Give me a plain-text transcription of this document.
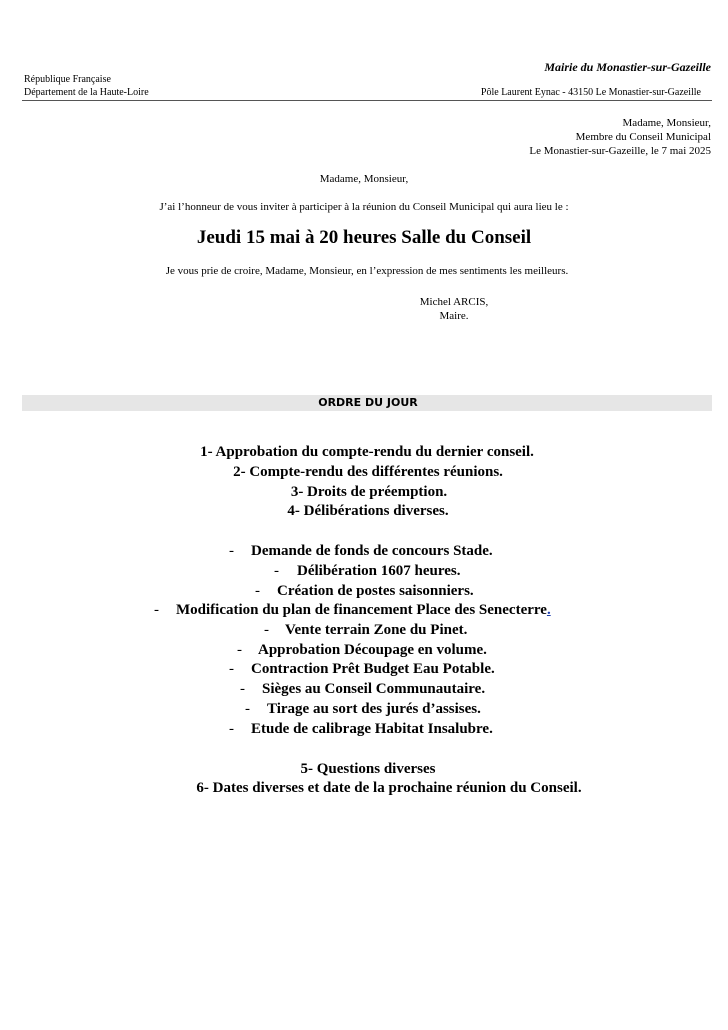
Mairie du Monastier-sur-Gazeille
République Française
Département de la Haute-Loire	Pôle Laurent Eynac - 43150 Le Monastier-sur-Gazeille
Madame, Monsieur,
Membre du Conseil Municipal
Le Monastier-sur-Gazeille, le 7 mai 2025
Madame, Monsieur,
J’ai l’honneur de vous inviter à participer à la réunion du Conseil Municipal qui aura lieu le :
Jeudi 15 mai à 20 heures Salle du Conseil
Je vous prie de croire, Madame, Monsieur, en l’expression de mes sentiments les meilleurs.
Michel ARCIS,
Maire.
ORDRE DU JOUR
1- Approbation du compte-rendu du dernier conseil.
2- Compte-rendu des différentes réunions.
3- Droits de préemption.
4- Délibérations diverses.
- Demande de fonds de concours Stade.
- Délibération 1607 heures.
- Création de postes saisonniers.
- Modification du plan de financement Place des Senecterre.
- Vente terrain Zone du Pinet.
- Approbation Découpage en volume.
- Contraction Prêt Budget Eau Potable.
- Sièges au Conseil Communautaire.
- Tirage au sort des jurés d’assises.
- Etude de calibrage Habitat Insalubre.
5- Questions diverses
6- Dates diverses et date de la prochaine réunion du Conseil.
